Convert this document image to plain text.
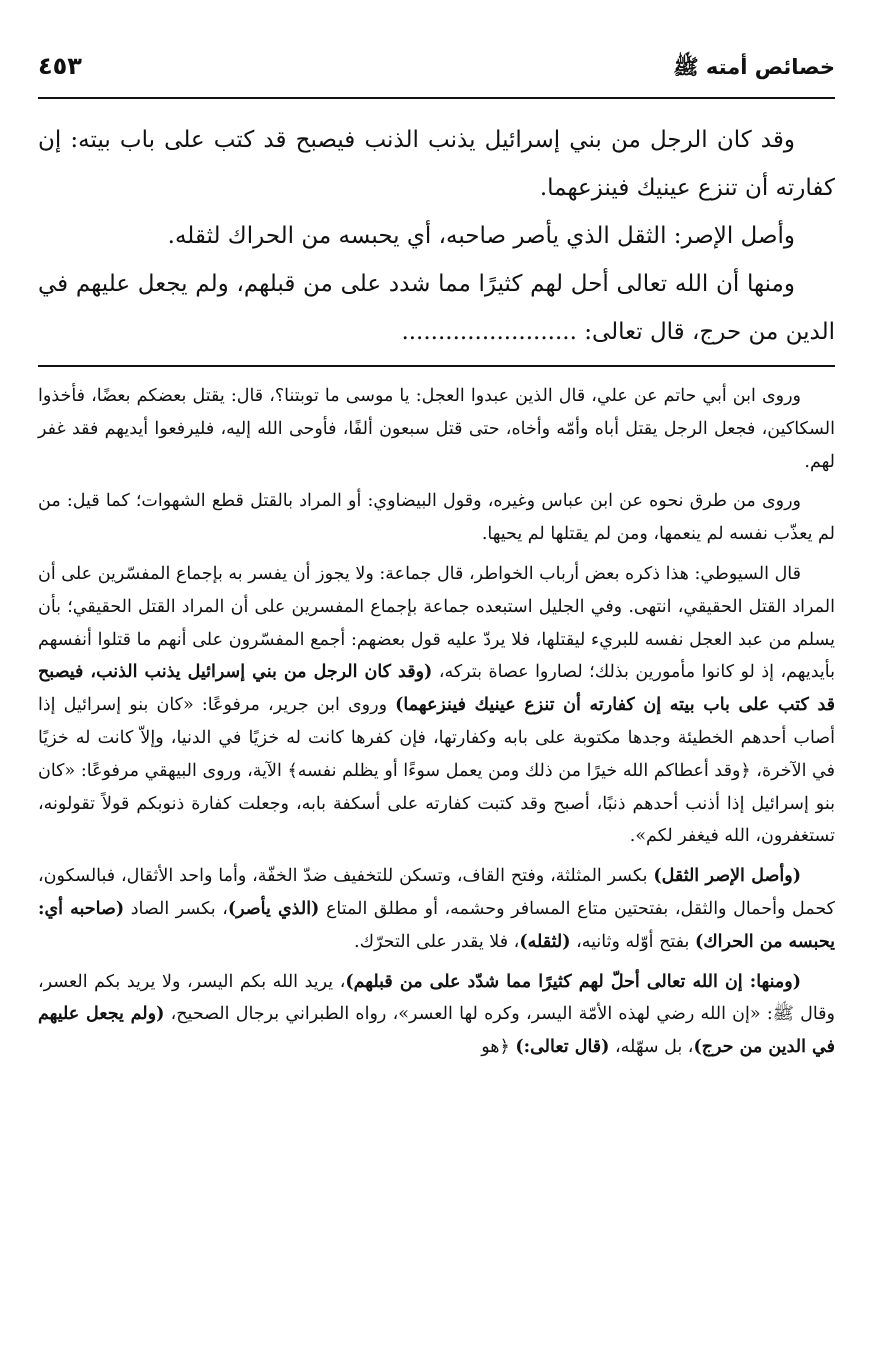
خصائص أمته ﷺ
٤٥٣

وقد كان الرجل من بني إسرائيل يذنب الذنب فيصبح قد كتب على باب بيته: إن كفارته أن تنزع عينيك فينزعهما.

وأصل الإصر: الثقل الذي يأصر صاحبه، أي يحبسه من الحراك لثقله.

ومنها أن الله تعالى أحل لهم كثيرًا مما شدد على من قبلهم، ولم يجعل عليهم في الدين من حرج، قال تعالى: ........................

وروى ابن أبي حاتم عن علي، قال الذين عبدوا العجل: يا موسى ما توبتنا؟، قال: يقتل بعضكم بعضًا، فأخذوا السكاكين، فجعل الرجل يقتل أباه وأمّه وأخاه، حتى قتل سبعون ألفًا، فأوحى الله إليه، فليرفعوا أيديهم فقد غفر لهم.

وروى من طرق نحوه عن ابن عباس وغيره، وقول البيضاوي: أو المراد بالقتل قطع الشهوات؛ كما قيل: من لم يعذّب نفسه لم ينعمها، ومن لم يقتلها لم يحيها.

قال السيوطي: هذا ذكره بعض أرباب الخواطر، قال جماعة: ولا يجوز أن يفسر به بإجماع المفسّرين على أن المراد القتل الحقيقي، انتهى. وفي الجليل استبعده جماعة بإجماع المفسرين على أن المراد القتل الحقيقي؛ بأن يسلم من عبد العجل نفسه للبريء ليقتلها، فلا يردّ عليه قول بعضهم: أجمع المفسّرون على أنهم ما قتلوا أنفسهم بأيديهم، إذ لو كانوا مأمورين بذلك؛ لصاروا عصاة بتركه، (وقد كان الرجل من بني إسرائيل يذنب الذنب، فيصبح قد كتب على باب بيته إن كفارته أن تنزع عينيك فينزعهما) وروى ابن جرير، مرفوعًا: «كان بنو إسرائيل إذا أصاب أحدهم الخطيئة وجدها مكتوبة على بابه وكفارتها، فإن كفرها كانت له خزيًا في الدنيا، وإلاّ كانت له خزيًا في الآخرة، ﴿وقد أعطاكم الله خيرًا من ذلك ومن يعمل سوءًا أو يظلم نفسه﴾ الآية، وروى البيهقي مرفوعًا: «كان بنو إسرائيل إذا أذنب أحدهم ذنبًا، أصبح وقد كتبت كفارته على أسكفة بابه، وجعلت كفارة ذنوبكم قولاً تقولونه، تستغفرون، الله فيغفر لكم».

(وأصل الإصر الثقل) بكسر المثلثة، وفتح القاف، وتسكن للتخفيف ضدّ الخفّة، وأما واحد الأثقال، فبالسكون، كحمل وأحمال والثقل، بفتحتين متاع المسافر وحشمه، أو مطلق المتاع (الذي يأصر)، بكسر الصاد (صاحبه أي: يحبسه من الحراك) بفتح أوّله وثانيه، (لثقله)، فلا يقدر على التحرّك.

(ومنها: إن الله تعالى أحلّ لهم كثيرًا مما شدّد على من قبلهم)، يريد الله بكم اليسر، ولا يريد بكم العسر، وقال ﷺ: «إن الله رضي لهذه الأمّة اليسر، وكره لها العسر»، رواه الطبراني برجال الصحيح، (ولم يجعل عليهم في الدين من حرج)، بل سهّله، (قال تعالى:) ﴿هو
